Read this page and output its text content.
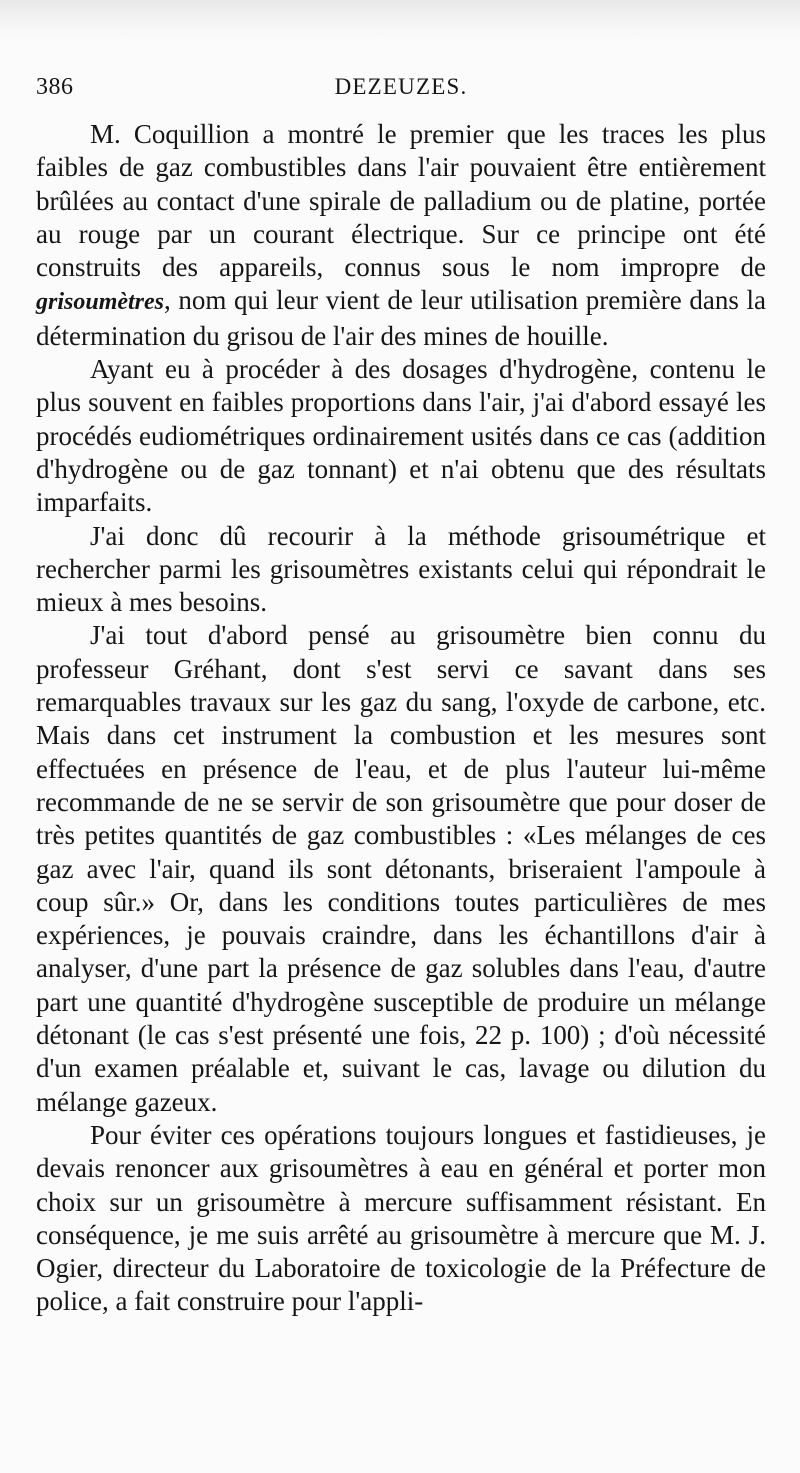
386	DEZEUZES.

M. Coquillion a montré le premier que les traces les plus faibles de gaz combustibles dans l'air pouvaient être entièrement brûlées au contact d'une spirale de palladium ou de platine, portée au rouge par un courant électrique. Sur ce principe ont été construits des appareils, connus sous le nom impropre de grisoumètres, nom qui leur vient de leur utilisation première dans la détermination du grisou de l'air des mines de houille.

Ayant eu à procéder à des dosages d'hydrogène, contenu le plus souvent en faibles proportions dans l'air, j'ai d'abord essayé les procédés eudiométriques ordinairement usités dans ce cas (addition d'hydrogène ou de gaz tonnant) et n'ai obtenu que des résultats imparfaits.

J'ai donc dû recourir à la méthode grisoumétrique et rechercher parmi les grisoumètres existants celui qui répondrait le mieux à mes besoins.

J'ai tout d'abord pensé au grisoumètre bien connu du professeur Gréhant, dont s'est servi ce savant dans ses remarquables travaux sur les gaz du sang, l'oxyde de carbone, etc. Mais dans cet instrument la combustion et les mesures sont effectuées en présence de l'eau, et de plus l'auteur lui-même recommande de ne se servir de son grisoumètre que pour doser de très petites quantités de gaz combustibles : «Les mélanges de ces gaz avec l'air, quand ils sont détonants, briseraient l'ampoule à coup sûr.» Or, dans les conditions toutes particulières de mes expériences, je pouvais craindre, dans les échantillons d'air à analyser, d'une part la présence de gaz solubles dans l'eau, d'autre part une quantité d'hydrogène susceptible de produire un mélange détonant (le cas s'est présenté une fois, 22 p. 100) ; d'où nécessité d'un examen préalable et, suivant le cas, lavage ou dilution du mélange gazeux.

Pour éviter ces opérations toujours longues et fastidieuses, je devais renoncer aux grisoumètres à eau en général et porter mon choix sur un grisoumètre à mercure suffisamment résistant. En conséquence, je me suis arrêté au grisoumètre à mercure que M. J. Ogier, directeur du Laboratoire de toxicologie de la Préfecture de police, a fait construire pour l'appli-
